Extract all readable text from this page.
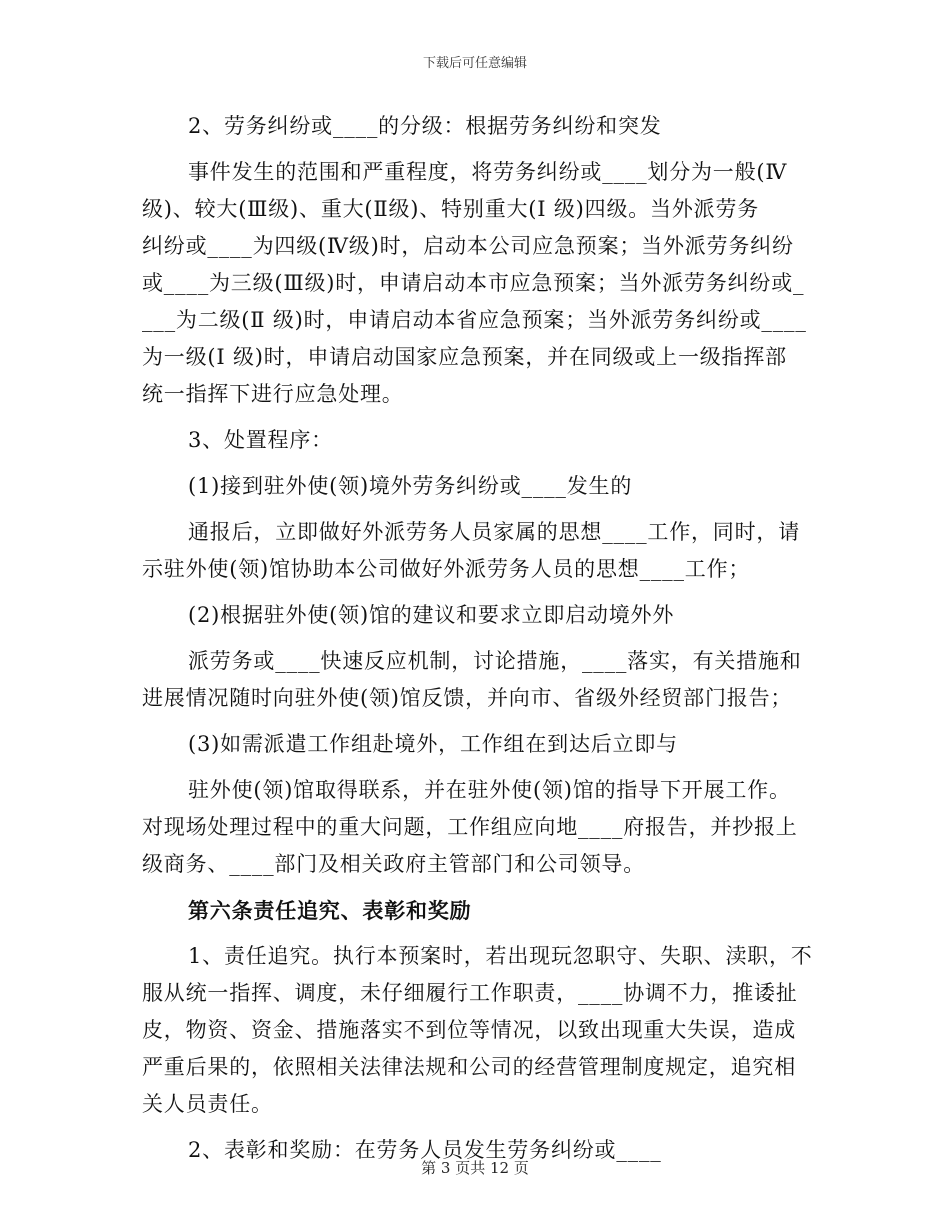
下载后可任意编辑

2、劳务纠纷或____的分级：根据劳务纠纷和突发

事件发生的范围和严重程度，将劳务纠纷或____划分为一般(Ⅳ
级)、较大(Ⅲ级)、重大(Ⅱ级)、特别重大(Ⅰ 级)四级。当外派劳务
纠纷或____为四级(Ⅳ级)时，启动本公司应急预案；当外派劳务纠纷
或____为三级(Ⅲ级)时，申请启动本市应急预案；当外派劳务纠纷或_
___为二级(Ⅱ 级)时，申请启动本省应急预案；当外派劳务纠纷或____
为一级(Ⅰ 级)时，申请启动国家应急预案，并在同级或上一级指挥部
统一指挥下进行应急处理。

3、处置程序：

(1)接到驻外使(领)境外劳务纠纷或____发生的

通报后，立即做好外派劳务人员家属的思想____工作，同时，请
示驻外使(领)馆协助本公司做好外派劳务人员的思想____工作；

(2)根据驻外使(领)馆的建议和要求立即启动境外外

派劳务或____快速反应机制，讨论措施，____落实，有关措施和
进展情况随时向驻外使(领)馆反馈，并向市、省级外经贸部门报告；

(3)如需派遣工作组赴境外，工作组在到达后立即与

驻外使(领)馆取得联系，并在驻外使(领)馆的指导下开展工作。
对现场处理过程中的重大问题，工作组应向地____府报告，并抄报上
级商务、____部门及相关政府主管部门和公司领导。

第六条责任追究、表彰和奖励

1、责任追究。执行本预案时，若出现玩忽职守、失职、渎职，不
服从统一指挥、调度，未仔细履行工作职责，____协调不力，推诿扯
皮，物资、资金、措施落实不到位等情况，以致出现重大失误，造成
严重后果的，依照相关法律法规和公司的经营管理制度规定，追究相
关人员责任。

2、表彰和奖励：在劳务人员发生劳务纠纷或____

第 3 页共 12 页
